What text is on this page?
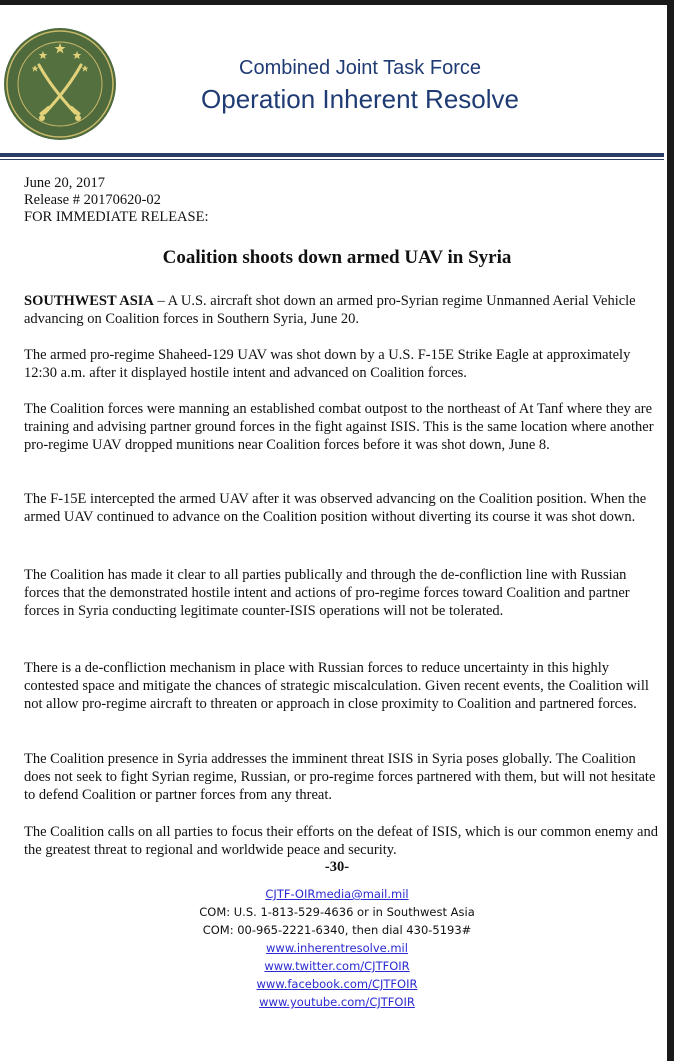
Combined Joint Task Force
Operation Inherent Resolve
June 20, 2017
Release # 20170620-02
FOR IMMEDIATE RELEASE:
Coalition shoots down armed UAV in Syria

SOUTHWEST ASIA – A U.S. aircraft shot down an armed pro-Syrian regime Unmanned Aerial Vehicle advancing on Coalition forces in Southern Syria, June 20.

The armed pro-regime Shaheed-129 UAV was shot down by a U.S. F-15E Strike Eagle at approximately 12:30 a.m. after it displayed hostile intent and advanced on Coalition forces.

The Coalition forces were manning an established combat outpost to the northeast of At Tanf where they are training and advising partner ground forces in the fight against ISIS. This is the same location where another pro-regime UAV dropped munitions near Coalition forces before it was shot down, June 8.

The F-15E intercepted the armed UAV after it was observed advancing on the Coalition position. When the armed UAV continued to advance on the Coalition position without diverting its course it was shot down.

The Coalition has made it clear to all parties publically and through the de-confliction line with Russian forces that the demonstrated hostile intent and actions of pro-regime forces toward Coalition and partner forces in Syria conducting legitimate counter-ISIS operations will not be tolerated.

There is a de-confliction mechanism in place with Russian forces to reduce uncertainty in this highly contested space and mitigate the chances of strategic miscalculation. Given recent events, the Coalition will not allow pro-regime aircraft to threaten or approach in close proximity to Coalition and partnered forces.

The Coalition presence in Syria addresses the imminent threat ISIS in Syria poses globally. The Coalition does not seek to fight Syrian regime, Russian, or pro-regime forces partnered with them, but will not hesitate to defend Coalition or partner forces from any threat.

The Coalition calls on all parties to focus their efforts on the defeat of ISIS, which is our common enemy and the greatest threat to regional and worldwide peace and security.

-30-
CJTF-OIRmedia@mail.mil
COM: U.S. 1-813-529-4636 or in Southwest Asia
COM: 00-965-2221-6340, then dial 430-5193#
www.inherentresolve.mil
www.twitter.com/CJTFOIR
www.facebook.com/CJTFOIR
www.youtube.com/CJTFOIR
